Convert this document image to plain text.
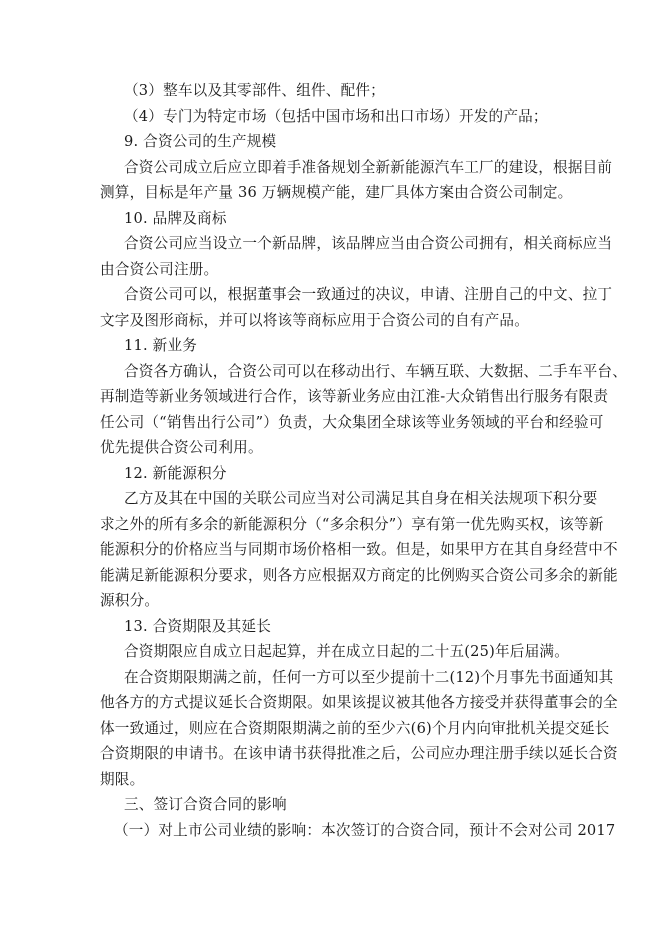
（3）整车以及其零部件、组件、配件；
（4）专门为特定市场（包括中国市场和出口市场）开发的产品；
9. 合资公司的生产规模
合资公司成立后应立即着手准备规划全新新能源汽车工厂的建设，根据目前
测算，目标是年产量 36 万辆规模产能，建厂具体方案由合资公司制定。
10. 品牌及商标
合资公司应当设立一个新品牌，该品牌应当由合资公司拥有，相关商标应当
由合资公司注册。
合资公司可以，根据董事会一致通过的决议，申请、注册自己的中文、拉丁
文字及图形商标，并可以将该等商标应用于合资公司的自有产品。
11. 新业务
合资各方确认，合资公司可以在移动出行、车辆互联、大数据、二手车平台、
再制造等新业务领域进行合作，该等新业务应由江淮-大众销售出行服务有限责
任公司（“销售出行公司”）负责，大众集团全球该等业务领域的平台和经验可
优先提供合资公司利用。
12. 新能源积分
乙方及其在中国的关联公司应当对公司满足其自身在相关法规项下积分要
求之外的所有多余的新能源积分（“多余积分”）享有第一优先购买权，该等新
能源积分的价格应当与同期市场价格相一致。但是，如果甲方在其自身经营中不
能满足新能源积分要求，则各方应根据双方商定的比例购买合资公司多余的新能
源积分。
13. 合资期限及其延长
合资期限应自成立日起起算，并在成立日起的二十五(25)年后届满。
在合资期限期满之前，任何一方可以至少提前十二(12)个月事先书面通知其
他各方的方式提议延长合资期限。如果该提议被其他各方接受并获得董事会的全
体一致通过，则应在合资期限期满之前的至少六(6)个月内向审批机关提交延长
合资期限的申请书。在该申请书获得批准之后，公司应办理注册手续以延长合资
期限。
三、签订合资合同的影响
（一）对上市公司业绩的影响：本次签订的合资合同，预计不会对公司 2017
